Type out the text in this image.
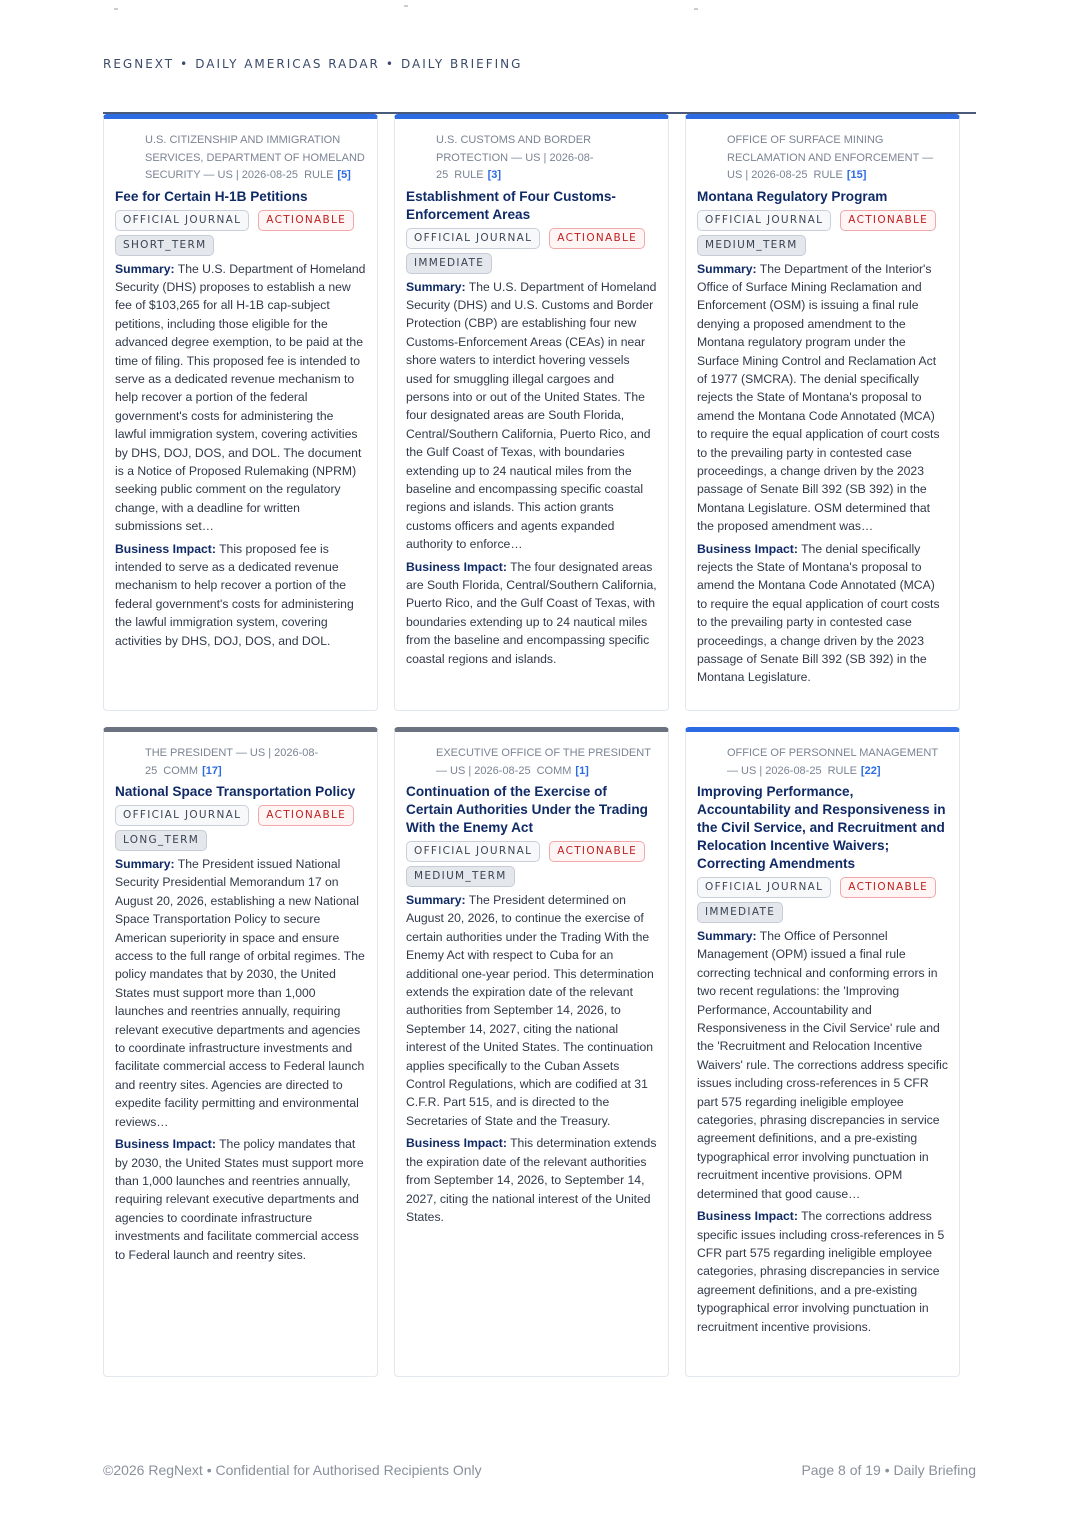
REGNEXT • DAILY AMERICAS RADAR • DAILY BRIEFING
U.S. CITIZENSHIP AND IMMIGRATION SERVICES, DEPARTMENT OF HOMELAND SECURITY — US | 2026-08-25 RULE [5]
Fee for Certain H-1B Petitions
OFFICIAL JOURNAL	ACTIONABLE
SHORT_TERM
Summary: The U.S. Department of Homeland Security (DHS) proposes to establish a new fee of $103,265 for all H-1B cap-subject petitions, including those eligible for the advanced degree exemption, to be paid at the time of filing. This proposed fee is intended to serve as a dedicated revenue mechanism to help recover a portion of the federal government's costs for administering the lawful immigration system, covering activities by DHS, DOJ, DOS, and DOL. The document is a Notice of Proposed Rulemaking (NPRM) seeking public comment on the regulatory change, with a deadline for written submissions set…
Business Impact: This proposed fee is intended to serve as a dedicated revenue mechanism to help recover a portion of the federal government's costs for administering the lawful immigration system, covering activities by DHS, DOJ, DOS, and DOL.
U.S. CUSTOMS AND BORDER PROTECTION — US | 2026-08-25 RULE [3]
Establishment of Four Customs-Enforcement Areas
OFFICIAL JOURNAL	ACTIONABLE
IMMEDIATE
Summary: The U.S. Department of Homeland Security (DHS) and U.S. Customs and Border Protection (CBP) are establishing four new Customs-Enforcement Areas (CEAs) in near shore waters to interdict hovering vessels used for smuggling illegal cargoes and persons into or out of the United States. The four designated areas are South Florida, Central/Southern California, Puerto Rico, and the Gulf Coast of Texas, with boundaries extending up to 24 nautical miles from the baseline and encompassing specific coastal regions and islands. This action grants customs officers and agents expanded authority to enforce…
Business Impact: The four designated areas are South Florida, Central/Southern California, Puerto Rico, and the Gulf Coast of Texas, with boundaries extending up to 24 nautical miles from the baseline and encompassing specific coastal regions and islands.
OFFICE OF SURFACE MINING RECLAMATION AND ENFORCEMENT — US | 2026-08-25 RULE [15]
Montana Regulatory Program
OFFICIAL JOURNAL	ACTIONABLE
MEDIUM_TERM
Summary: The Department of the Interior's Office of Surface Mining Reclamation and Enforcement (OSM) is issuing a final rule denying a proposed amendment to the Montana regulatory program under the Surface Mining Control and Reclamation Act of 1977 (SMCRA). The denial specifically rejects the State of Montana's proposal to amend the Montana Code Annotated (MCA) to require the equal application of court costs to the prevailing party in contested case proceedings, a change driven by the 2023 passage of Senate Bill 392 (SB 392) in the Montana Legislature. OSM determined that the proposed amendment was…
Business Impact: The denial specifically rejects the State of Montana's proposal to amend the Montana Code Annotated (MCA) to require the equal application of court costs to the prevailing party in contested case proceedings, a change driven by the 2023 passage of Senate Bill 392 (SB 392) in the Montana Legislature.
THE PRESIDENT — US | 2026-08-25 COMM [17]
National Space Transportation Policy
OFFICIAL JOURNAL	ACTIONABLE
LONG_TERM
Summary: The President issued National Security Presidential Memorandum 17 on August 20, 2026, establishing a new National Space Transportation Policy to secure American superiority in space and ensure access to the full range of orbital regimes. The policy mandates that by 2030, the United States must support more than 1,000 launches and reentries annually, requiring relevant executive departments and agencies to coordinate infrastructure investments and facilitate commercial access to Federal launch and reentry sites. Agencies are directed to expedite facility permitting and environmental reviews…
Business Impact: The policy mandates that by 2030, the United States must support more than 1,000 launches and reentries annually, requiring relevant executive departments and agencies to coordinate infrastructure investments and facilitate commercial access to Federal launch and reentry sites.
EXECUTIVE OFFICE OF THE PRESIDENT — US | 2026-08-25 COMM [1]
Continuation of the Exercise of Certain Authorities Under the Trading With the Enemy Act
OFFICIAL JOURNAL	ACTIONABLE
MEDIUM_TERM
Summary: The President determined on August 20, 2026, to continue the exercise of certain authorities under the Trading With the Enemy Act with respect to Cuba for an additional one-year period. This determination extends the expiration date of the relevant authorities from September 14, 2026, to September 14, 2027, citing the national interest of the United States. The continuation applies specifically to the Cuban Assets Control Regulations, which are codified at 31 C.F.R. Part 515, and is directed to the Secretaries of State and the Treasury.
Business Impact: This determination extends the expiration date of the relevant authorities from September 14, 2026, to September 14, 2027, citing the national interest of the United States.
OFFICE OF PERSONNEL MANAGEMENT — US | 2026-08-25 RULE [22]
Improving Performance, Accountability and Responsiveness in the Civil Service, and Recruitment and Relocation Incentive Waivers; Correcting Amendments
OFFICIAL JOURNAL	ACTIONABLE
IMMEDIATE
Summary: The Office of Personnel Management (OPM) issued a final rule correcting technical and conforming errors in two recent regulations: the 'Improving Performance, Accountability and Responsiveness in the Civil Service' rule and the 'Recruitment and Relocation Incentive Waivers' rule. The corrections address specific issues including cross-references in 5 CFR part 575 regarding ineligible employee categories, phrasing discrepancies in service agreement definitions, and a pre-existing typographical error involving punctuation in recruitment incentive provisions. OPM determined that good cause…
Business Impact: The corrections address specific issues including cross-references in 5 CFR part 575 regarding ineligible employee categories, phrasing discrepancies in service agreement definitions, and a pre-existing typographical error involving punctuation in recruitment incentive provisions.
©2026 RegNext • Confidential for Authorised Recipients Only	Page 8 of 19 • Daily Briefing
